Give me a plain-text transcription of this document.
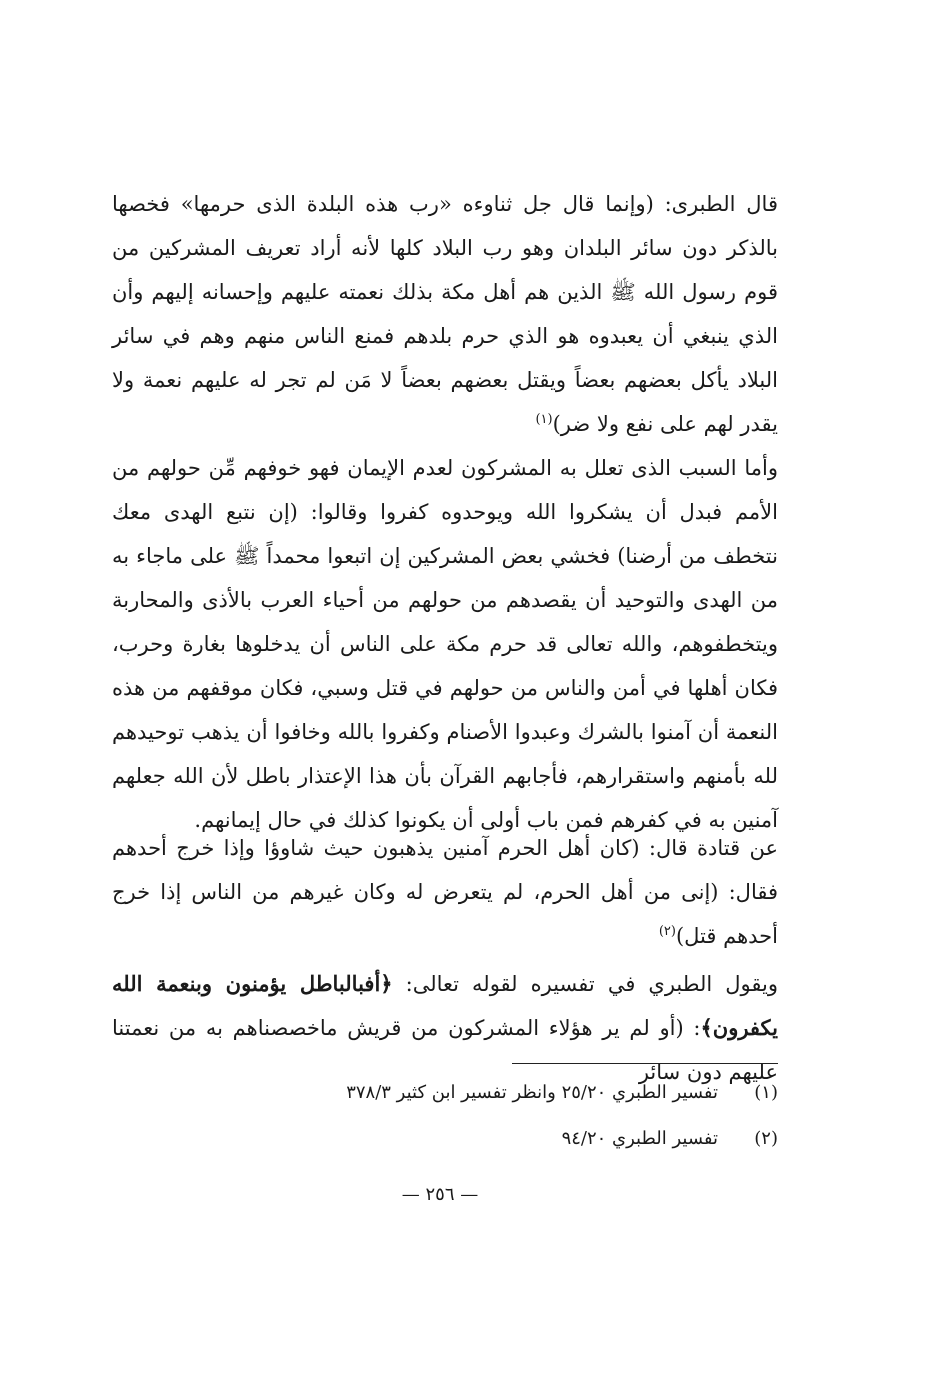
قال الطبرى: (وإنما قال جل ثناوءه «رب هذه البلدة الذى حرمها» فخصها بالذكر دون سائر البلدان وهو رب البلاد كلها لأنه أراد تعريف المشركين من قوم رسول الله ﷺ الذين هم أهل مكة بذلك نعمته عليهم وإحسانه إليهم وأن الذي ينبغي أن يعبدوه هو الذي حرم بلدهم فمنع الناس منهم وهم في سائر البلاد يأكل بعضهم بعضاً ويقتل بعضهم بعضاً لا مَن لم تجر له عليهم نعمة ولا يقدر لهم على نفع ولا ضر)$^{(١)}$

وأما السبب الذى تعلل به المشركون لعدم الإيمان فهو خوفهم مِّن حولهم من الأمم فبدل أن يشكروا الله ويوحدوه كفروا وقالوا: (إن نتبع الهدى معك نتخطف من أرضنا) فخشي بعض المشركين إن اتبعوا محمداً ﷺ على ماجاء به من الهدى والتوحيد أن يقصدهم من حولهم من أحياء العرب بالأذى والمحاربة ويتخطفوهم، والله تعالى قد حرم مكة على الناس أن يدخلوها بغارة وحرب، فكان أهلها في أمن والناس من حولهم في قتل وسبي، فكان موقفهم من هذه النعمة أن آمنوا بالشرك وعبدوا الأصنام وكفروا بالله وخافوا أن يذهب توحيدهم لله بأمنهم واستقرارهم، فأجابهم القرآن بأن هذا الإعتذار باطل لأن الله جعلهم آمنين به في كفرهم فمن باب أولى أن يكونوا كذلك في حال إيمانهم.

عن قتادة قال: (كان أهل الحرم آمنين يذهبون حيث شاوؤا وإذا خرج أحدهم فقال: (إنى من أهل الحرم، لم يتعرض له وكان غيرهم من الناس إذا خرج أحدهم قتل)$^{(٢)}$

ويقول الطبري في تفسيره لقوله تعالى: ﴿أفبالباطل يؤمنون وبنعمة الله يكفرون﴾: (أو لم ير هؤلاء المشركون من قريش ماخصصناهم به من نعمتنا عليهم دون سائر

(١)تفسير الطبري ٢٥/٢٠ وانظر تفسير ابن كثير ٣٧٨/٣
(٢)تفسير الطبري ٩٤/٢٠
— ٢٥٦ —
